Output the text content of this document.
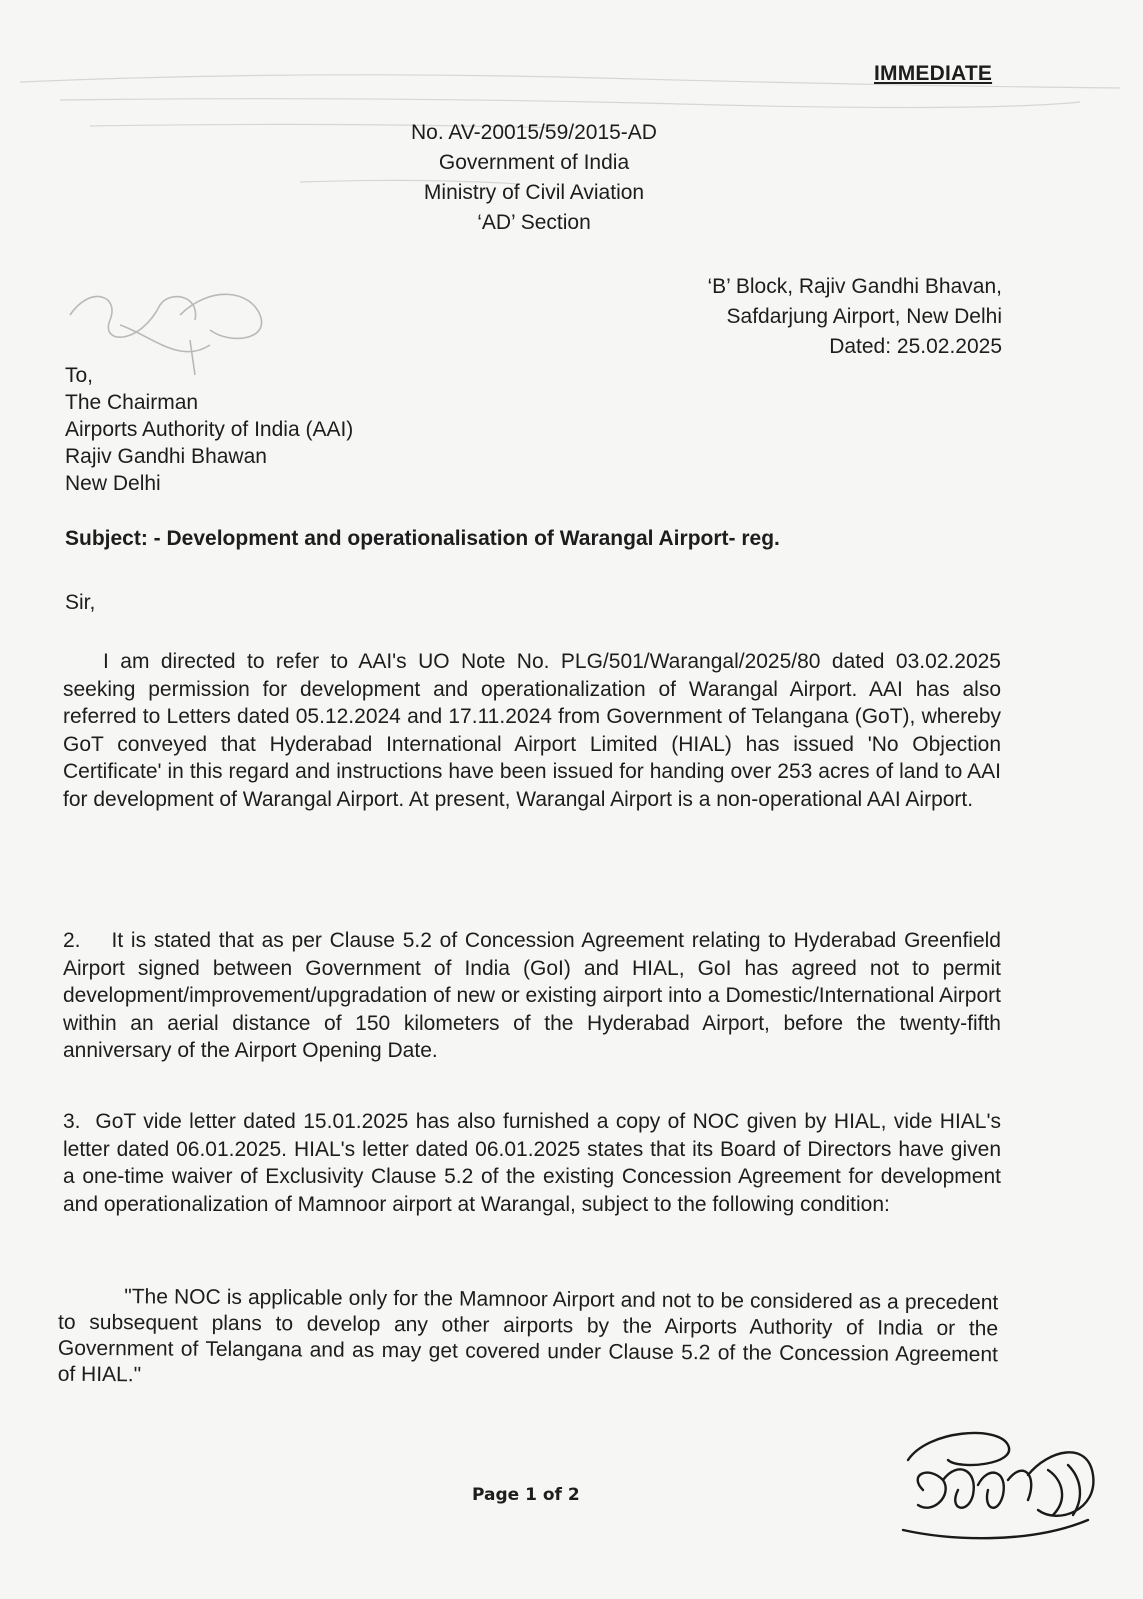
IMMEDIATE
No. AV-20015/59/2015-AD
Government of India
Ministry of Civil Aviation
‘AD’ Section
‘B’ Block, Rajiv Gandhi Bhavan,
Safdarjung Airport, New Delhi
Dated: 25.02.2025
To,
The Chairman
Airports Authority of India (AAI)
Rajiv Gandhi Bhawan
New Delhi
Subject: - Development and operationalisation of Warangal Airport- reg.
Sir,
I am directed to refer to AAI's UO Note No. PLG/501/Warangal/2025/80 dated 03.02.2025 seeking permission for development and operationalization of Warangal Airport. AAI has also referred to Letters dated 05.12.2024 and 17.11.2024 from Government of Telangana (GoT), whereby GoT conveyed that Hyderabad International Airport Limited (HIAL) has issued 'No Objection Certificate' in this regard and instructions have been issued for handing over 253 acres of land to AAI for development of Warangal Airport. At present, Warangal Airport is a non-operational AAI Airport.
2. It is stated that as per Clause 5.2 of Concession Agreement relating to Hyderabad Greenfield Airport signed between Government of India (GoI) and HIAL, GoI has agreed not to permit development/improvement/upgradation of new or existing airport into a Domestic/International Airport within an aerial distance of 150 kilometers of the Hyderabad Airport, before the twenty-fifth anniversary of the Airport Opening Date.
3. GoT vide letter dated 15.01.2025 has also furnished a copy of NOC given by HIAL, vide HIAL's letter dated 06.01.2025. HIAL's letter dated 06.01.2025 states that its Board of Directors have given a one-time waiver of Exclusivity Clause 5.2 of the existing Concession Agreement for development and operationalization of Mamnoor airport at Warangal, subject to the following condition:
"The NOC is applicable only for the Mamnoor Airport and not to be considered as a precedent to subsequent plans to develop any other airports by the Airports Authority of India or the Government of Telangana and as may get covered under Clause 5.2 of the Concession Agreement of HIAL."
Page 1 of 2
